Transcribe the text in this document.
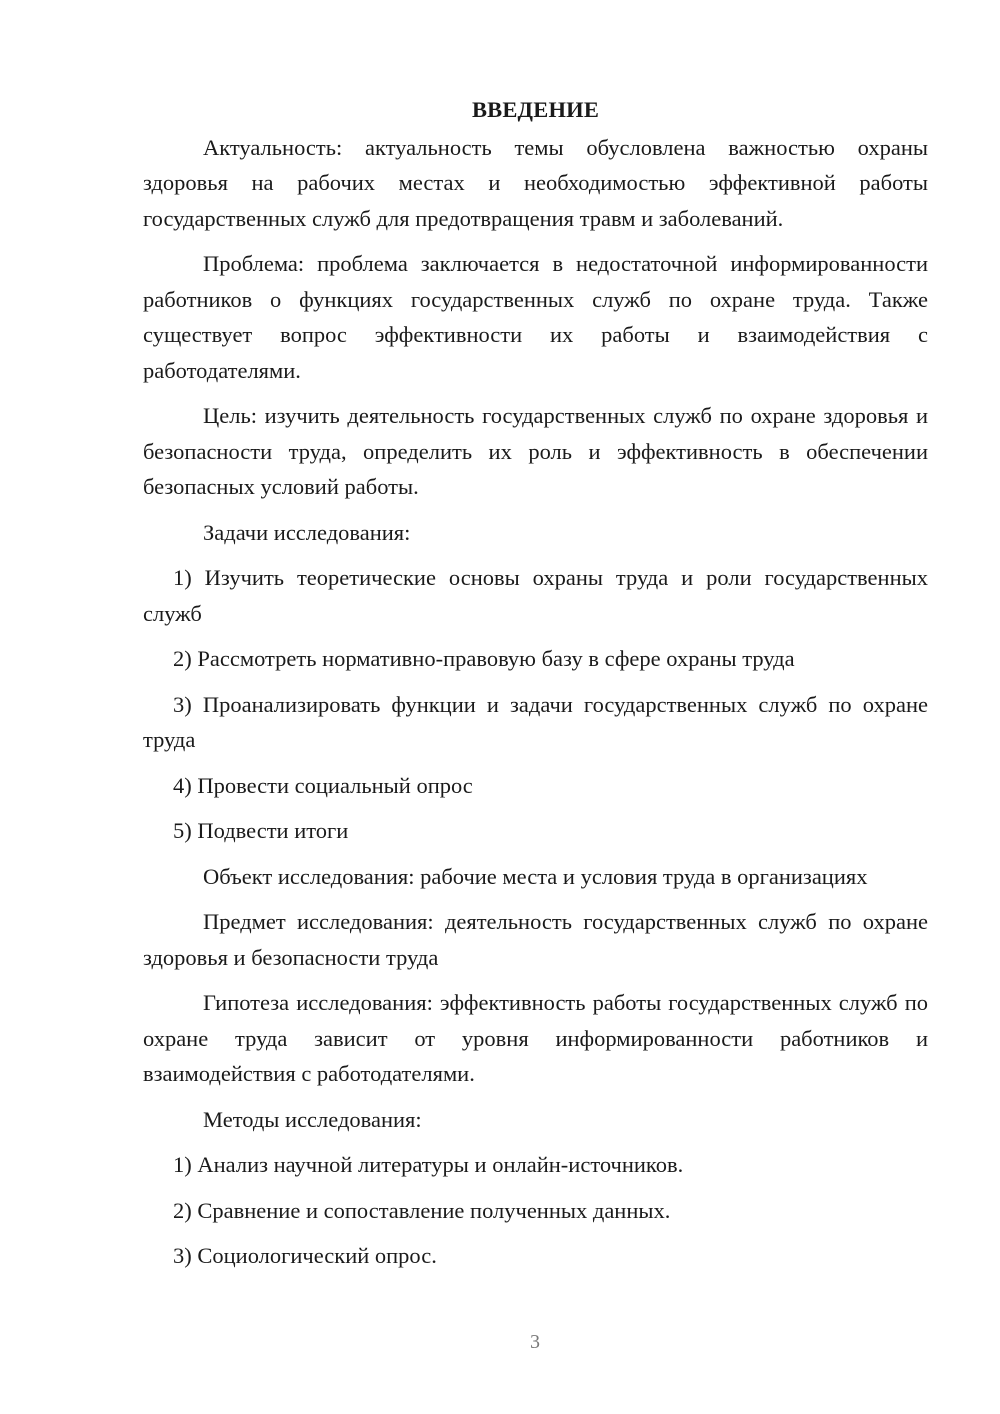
ВВЕДЕНИЕ

Актуальность: актуальность темы обусловлена важностью охраны здоровья на рабочих местах и необходимостью эффективной работы государственных служб для предотвращения травм и заболеваний.

Проблема: проблема заключается в недостаточной информированности работников о функциях государственных служб по охране труда. Также существует вопрос эффективности их работы и взаимодействия с работодателями.

Цель: изучить деятельность государственных служб по охране здоровья и безопасности труда, определить их роль и эффективность в обеспечении безопасных условий работы.

Задачи исследования:

1) Изучить теоретические основы охраны труда и роли государственных служб

2) Рассмотреть нормативно-правовую базу в сфере охраны труда

3) Проанализировать функции и задачи государственных служб по охране труда

4) Провести социальный опрос

5) Подвести итоги

Объект исследования: рабочие места и условия труда в организациях

Предмет исследования: деятельность государственных служб по охране здоровья и безопасности труда

Гипотеза исследования: эффективность работы государственных служб по охране труда зависит от уровня информированности работников и взаимодействия с работодателями.

Методы исследования:

1) Анализ научной литературы и онлайн-источников.

2) Сравнение и сопоставление полученных данных.

3) Социологический опрос.

3
